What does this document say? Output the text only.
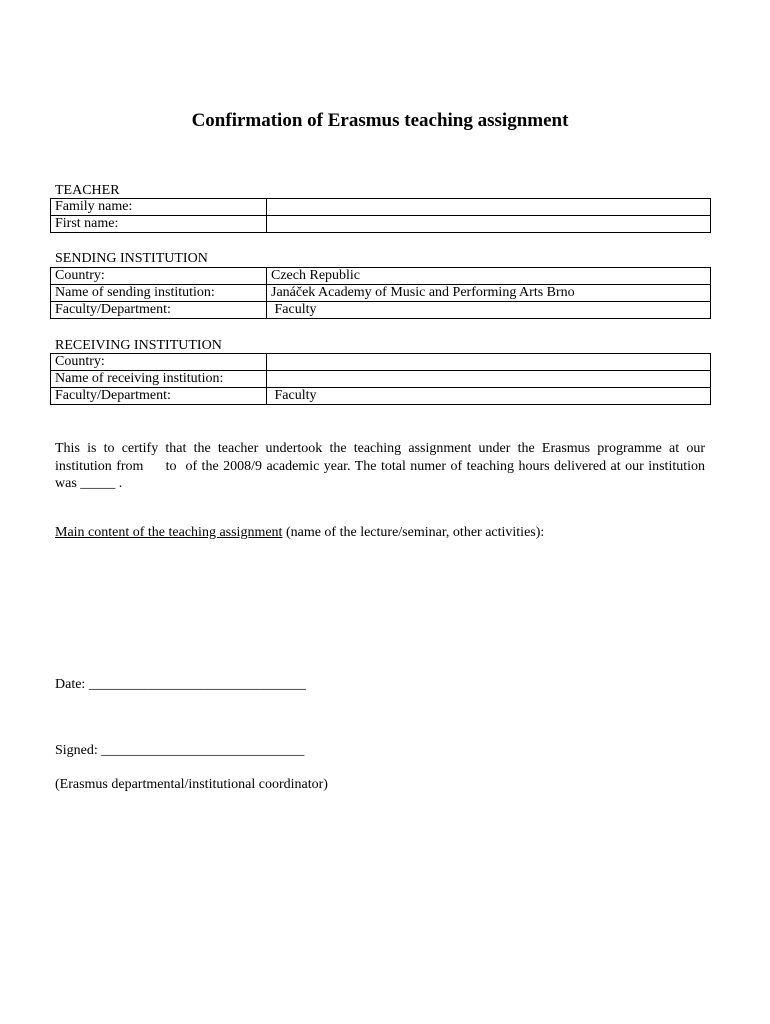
Confirmation of Erasmus teaching assignment

TEACHER

Family name:	
First name:	

SENDING INSTITUTION

Country:	Czech Republic
Name of sending institution:	Janáček Academy of Music and Performing Arts Brno
Faculty/Department:	Faculty

RECEIVING INSTITUTION

Country:	
Name of receiving institution:	
Faculty/Department:	Faculty

This is to certify that the teacher undertook the teaching assignment under the Erasmus programme at our institution from     to  of the 2008/9 academic year. The total numer of teaching hours delivered at our institution was _____ .

Main content of the teaching assignment (name of the lecture/seminar, other activities):

Date: _______________________________

Signed: _____________________________

(Erasmus departmental/institutional coordinator)
